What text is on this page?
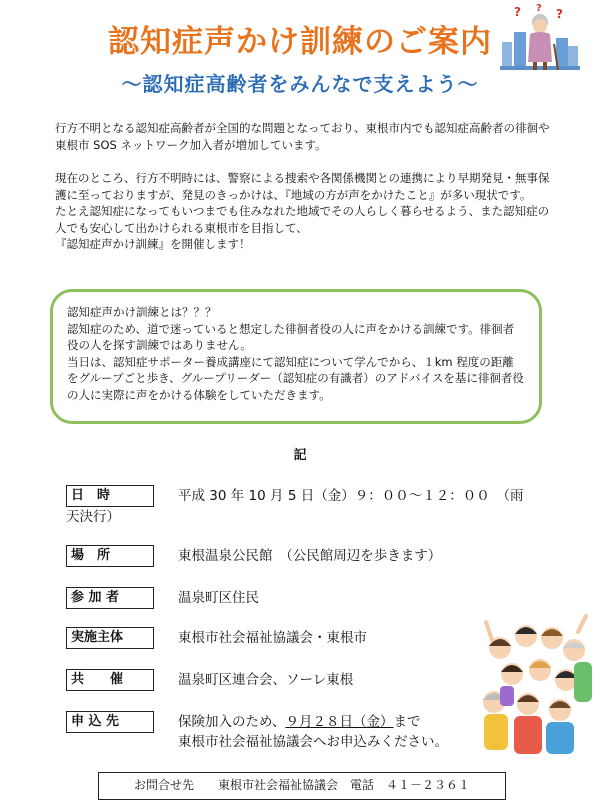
認知症声かけ訓練のご案内
?	?
?
～認知症高齢者をみんなで支えよう～

行方不明となる認知症高齢者が全国的な問題となっており、東根市内でも認知症高齢者の徘徊や東根市 SOS ネットワーク加入者が増加しています。

現在のところ、行方不明時には、警察による捜索や各関係機関との連携により早期発見・無事保護に至っておりますが、発見のきっかけは、『地域の方が声をかけたこと』が多い現状です。

たとえ認知症になってもいつまでも住みなれた地域でその人らしく暮らせるよう、また認知症の人でも安心して出かけられる東根市を目指して、

『認知症声かけ訓練』を開催します！

認知症声かけ訓練とは？？？

認知症のため、道で迷っていると想定した徘徊者役の人に声をかける訓練です。徘徊者役の人を探す訓練ではありません。

当日は、認知症サポーター養成講座にて認知症について学んでから、１km 程度の距離をグループごと歩き、グループリーダー（認知症の有識者）のアドバイスを基に徘徊者役の人に実際に声をかける体験をしていただきます。

記
日　時	平成 30 年 10 月 5 日（金）９：００～１２：００　（雨
天決行）
場　所	東根温泉公民館　（公民館周辺を歩きます）
参 加 者	温泉町区住民
実施主体	東根市社会福祉協議会・東根市
共　　催	温泉町区連合会、ソーレ東根
申 込 先	保険加入のため、９月２８日（金）まで
東根市社会福祉協議会へお申込みください。
お問合せ先　　東根市社会福祉協議会　電話　４１－２３６１
